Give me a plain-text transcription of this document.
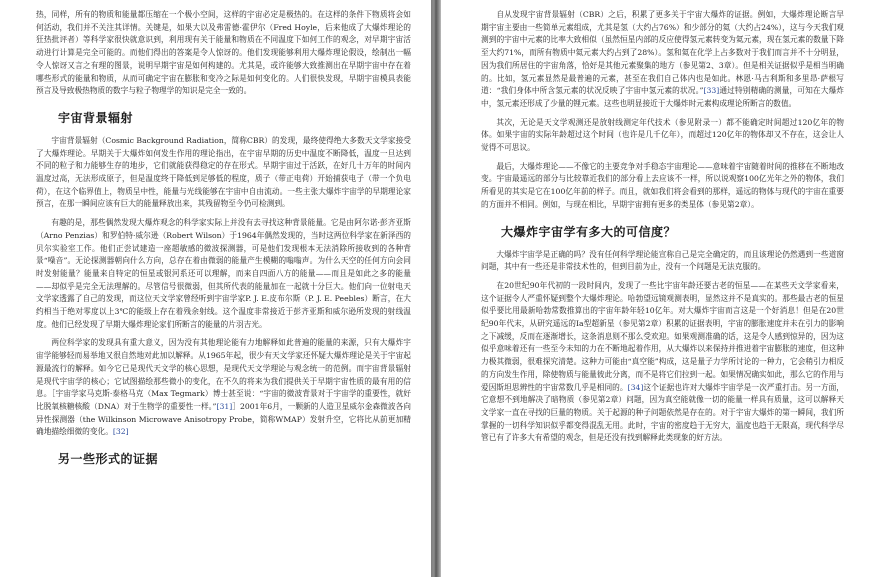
热，同样，所有的物质和能量都压缩在一个极小空间，这样的宇宙必定是极热的。在这样的条件下物质将会如何活动，我们并不关注其详情。关键是，如果大以及弗雷德·霍伊尔（Fred Hoyle，后来他成了大爆炸理论的狂热批评者）等科学家很快就意识到，利用现有关于能量和物质在不同温度下如何工作的观念，对早期宇宙活动进行计算是完全可能的。而他们得出的答案是令人惊讶的。他们发现能够利用大爆炸理论假设，绘制出一幅令人惊讶又言之有理的图景，说明早期宇宙是如何构建的。尤其是，或许能够大致推测出在早期宇宙中存在着哪些形式的能量和物质，从而可确定宇宙在膨胀和变冷之际是如何变化的。人们很快发现，早期宇宙模具表能预言及导致极热物质的数字与粒子物理学的知识是完全一致的。

宇宙背景辐射

宇宙背景辐射（Cosmic Background Radiation，简称CBR）的发现，最终使得绝大多数天文学家接受了大爆炸理论。早期关于大爆炸如何发生作用的理论指出，在宇宙早期的历史中温度不断降低，温度一旦达到不同的粒子和力能够生存的地步，它们就能获得稳定的存在形式。早期宇宙过于活跃，在好几十万年的时间内温度过高，无法形成原子，但是温度终于降低到足够低的程度，质子（带正电荷）开始捕获电子（带一个负电荷），在这个临界值上，物质呈中性，能量与光线能够在宇宙中自由流动。一些主张大爆炸宇宙学的早期理论家预言，在那一瞬间应该有巨大的能量释放出来，其残留物至今仍可检测到。

有趣的是，那些偶然发现大爆炸观念的科学家实际上并没有去寻找这种背景能量。它是由阿尔诺·彭齐亚斯（Arno Penzias）和罗伯特·威尔逊（Robert Wilson）于1964年偶然发现的，当时这两位科学家在新泽西的贝尔实验室工作。他们正尝试建造一座超敏感的微波探测器，可是他们发现根本无法消除所接收到的各种背景“噪音”。无论探测器朝向什么方向，总存在着由微弱的能量产生模糊的嗡嗡声。为什么天空的任何方向会同时发射能量？能量来自特定的恒星或银河系还可以理解，而来自四面八方的能量——而且是如此之多的能量——却似乎是完全无法理解的。尽管信号很微弱，但其所代表的能量加在一起就十分巨大。他们向一位射电天文学家透露了自己的发现，而这位天文学家曾经听到宇宙学家P. J. E.皮布尔斯（P. J. E. Peebles）断言，在大约相当于绝对零度以上3℃的能级上存在着残余射线。这个温度非常接近于彭齐亚斯和威尔逊所发现的射线温度。他们已经发现了早期大爆炸理论家们所断言的能量的片羽吉光。

两位科学家的发现具有重大意义，因为没有其他理论能有力地解释如此普遍的能量的来源，只有大爆炸宇宙学能够轻而易举地又很自然地对此加以解释。从1965年起，很少有天文学家还怀疑大爆炸理论是关于宇宙起源最流行的解释。如今它已是现代天文学的核心思想，是现代天文学理论与观念统一的范例。而宇宙背景辐射是现代宇宙学的核心；它试图描绘那些微小的变化，在不久的将来为我们提供关于早期宇宙性质的最有用的信息。［宇宙学家马克斯·泰格马克（Max Tegmark）博士甚至说：“宇宙的微波背景对于宇宙学的重要性，就好比脱氧核糖核酸（DNA）对于生物学的重要性一样。”[31]］2001年6月，一颗新的人造卫星威尔金森微波各向异性探测器（the Wilkinson Microwave Anisotropy Probe，简称WMAP）发射升空，它将比从前更加精确地描绘细微的变化。[32]

另一些形式的证据

自从发现宇宙背景辐射（CBR）之后，积累了更多关于宇宙大爆炸的证据。例如，大爆炸理论断言早期宇宙主要由一些简单元素组成，尤其是氢（大约占76%）和少部分的氦（大约占24%），这与今天我们观测到的宇宙中元素的比率大致相似（虽然恒星内部的反应使得氢元素转变为氦元素，现在氢元素的数量下降至大约71%，而所有物质中氦元素大约占到了28%）。氢和氦在化学上占多数对于我们而言并不十分明显，因为我们所居住的宇宙角落，恰好是其他元素聚集的地方（参见第2、3章）。但是相关证据似乎是相当明确的。比如，氢元素显然是最普遍的元素，甚至在我们自己体内也是如此。林恩·马古利斯和多里昂·萨根写道：“我们身体中所含氢元素的状况反映了宇宙中氢元素的状况。”[33]通过特别精确的测量，可知在大爆炸中，氢元素还形成了少量的锂元素。这些也明显接近于大爆炸时元素构成理论所断言的数值。

其次，无论是天文学观测还是放射线测定年代技术（参见附录一）都不能确定时间超过120亿年的物体。如果宇宙的实际年龄超过这个时间（也许是几千亿年），而超过120亿年的物体却又不存在，这会让人觉得不可思议。

最后，大爆炸理论——不像它的主要竞争对手稳态宇宙理论——意味着宇宙随着时间的推移在不断地改变。宇宙最遥远的部分与比较靠近我们的部分看上去应该不一样，所以说观察100亿光年之外的物体，我们所看见的其实是它在100亿年前的样子。而且，就如我们将会看到的那样，遥远的物体与现代的宇宙在重要的方面并不相同。例如，与现在相比，早期宇宙拥有更多的类星体（参见第2章）。

大爆炸宇宙学有多大的可信度？

大爆炸宇宙学是正确的吗？没有任何科学理论能宣称自己是完全确定的，而且该理论仍然遇到一些道窗问题，其中有一些还是非常技术性的，但到目前为止，没有一个问题是无法克服的。

在20世纪90年代初的一段时间内，发现了一些比宇宙年龄还要古老的恒星——在某些天文学家看来，这个证据令人严重怀疑到整个大爆炸理论。哈勃望远镜观测表明，显然这并不是真实的。那些最古老的恒星似乎要比用最新哈勃常数推算出的宇宙年龄年轻10亿年。对大爆炸宇宙而言这是一个好消息！但是在20世纪90年代末，从研究遥远的Ia型超新星（参见第2章）积累的证据表明，宇宙的膨胀速度并未在引力的影响之下减缓，反而在逐渐增长，这条消息则不那么受欢迎。如果观测准确的话，这是令人感到惊异的，因为这似乎意味着还有一些至今未知的力在不断地起着作用，从大爆炸以来保持并推进着宇宙膨胀的速度，但这种力极其微弱，很难探究清楚。这种力可能由“真空能”构成，这是量子力学所讨论的一种力，它会稍引力相反的方向发生作用，除使物质与能量彼此分离，而不是将它们拉到一起。如果情况确实如此，那么它的作用与爱因斯坦思辨性的宇宙常数几乎是相同的。[34]这个证据也许对大爆炸宇宙学是一次严重打击。另一方面，它意想不到地解决了暗物质（参见第2章）问题，因为真空能就像一切的能量一样具有质量，这可以解释天文学家一直在寻找的巨量的物质。关于起源的种子问题依然是存在的。对于宇宙大爆炸的第一瞬间，我们所掌握的一切科学知识似乎都变得混乱无用。此时，宇宙的密度趋于无穷大，温度也趋于无限高，现代科学尽管已有了许多大有希望的观念，但是还没有找到解释此类现象的好方法。
